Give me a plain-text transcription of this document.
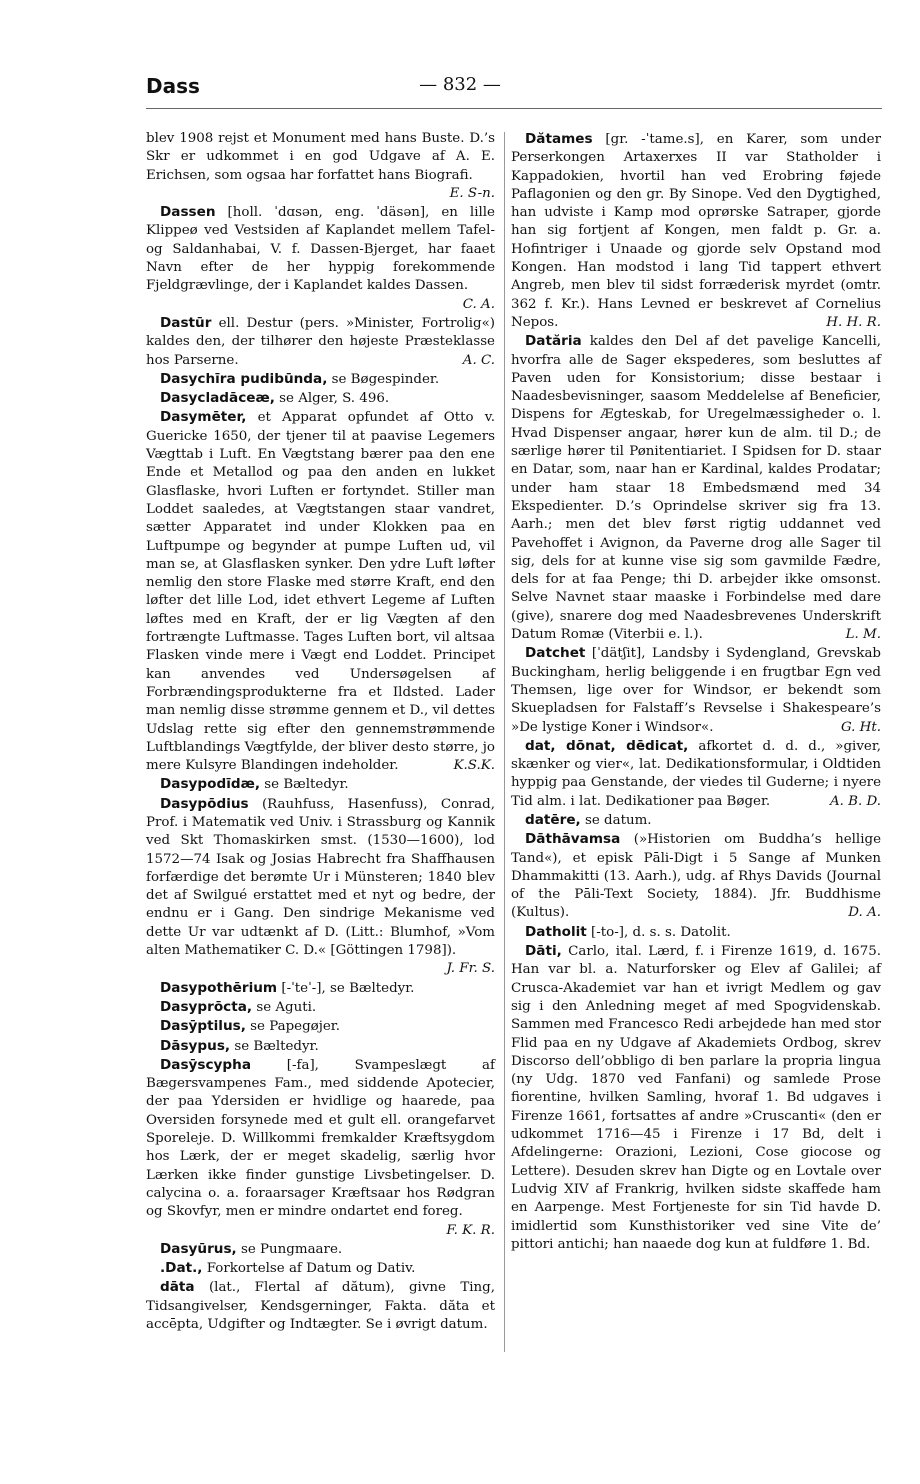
Dass	— 832 —

blev 1908 rejst et Monument med hans Buste. D.’s Skr er udkommet i en god Udgave af A. E. Erichsen, som ogsaa har forfattet hans Biografi.
E. S-n.

Dassen [holl. ˈdɑsən, eng. ˈdäsən], en lille Klippeø ved Vestsiden af Kaplandet mellem Tafel- og Saldanhabai, V. f. Dassen-Bjerget, har faaet Navn efter de her hyppig forekommende Fjeldgrævlinge, der i Kaplandet kaldes Dassen.
C. A.

Dastūr ell. Destur (pers. »Minister, Fortrolig«) kaldes den, der tilhører den højeste Præsteklasse hos Parserne.	A. C.

Dasychīra pudibūnda, se Bøgespinder.

Dasycladāceæ, se Alger, S. 496.

Dasymēter, et Apparat opfundet af Otto v. Guericke 1650, der tjener til at paavise Legemers Vægttab i Luft. En Vægtstang bærer paa den ene Ende et Metallod og paa den anden en lukket Glasflaske, hvori Luften er fortyndet. Stiller man Loddet saaledes, at Vægtstangen staar vandret, sætter Apparatet ind under Klokken paa en Luftpumpe og begynder at pumpe Luften ud, vil man se, at Glasflasken synker. Den ydre Luft løfter nemlig den store Flaske med større Kraft, end den løfter det lille Lod, idet ethvert Legeme af Luften løftes med en Kraft, der er lig Vægten af den fortrængte Luftmasse. Tages Luften bort, vil altsaa Flasken vinde mere i Vægt end Loddet. Principet kan anvendes ved Undersøgelsen af Forbrændingsprodukterne fra et Ildsted. Lader man nemlig disse strømme gennem et D., vil dettes Udslag rette sig efter den gennemstrømmende Luftblandings Vægtfylde, der bliver desto større, jo mere Kulsyre Blandingen indeholder.	K.S.K.

Dasypodīdæ, se Bæltedyr.

Dasypōdius (Rauhfuss, Hasenfuss), Conrad, Prof. i Matematik ved Univ. i Strassburg og Kannik ved Skt Thomaskirken smst. (1530—1600), lod 1572—74 Isak og Josias Habrecht fra Shaffhausen forfærdige det berømte Ur i Münsteren; 1840 blev det af Swilgué erstattet med et nyt og bedre, der endnu er i Gang. Den sindrige Mekanisme ved dette Ur var udtænkt af D. (Litt.: Blumhof, »Vom alten Mathematiker C. D.« [Göttingen 1798]).
J. Fr. S.

Dasypothērium [-ˈteˈ-], se Bæltedyr.

Dasyprōcta, se Aguti.

Dasȳptilus, se Papegøjer.

Dāsypus, se Bæltedyr.

Dasȳscypha [-fa], Svampeslægt af Bægersvampenes Fam., med siddende Apotecier, der paa Ydersiden er hvidlige og haarede, paa Oversiden forsynede med et gult ell. orangefarvet Sporeleje. D. Willkommi fremkalder Kræftsygdom hos Lærk, der er meget skadelig, særlig hvor Lærken ikke finder gunstige Livsbetingelser. D. calycina o. a. foraarsager Kræftsaar hos Rødgran og Skovfyr, men er mindre ondartet end foreg.
F. K. R.

Dasyūrus, se Pungmaare.

.Dat., Forkortelse af Datum og Dativ.

dāta (lat., Flertal af dătum), givne Ting, Tidsangivelser, Kendsgerninger, Fakta. dăta et accēpta, Udgifter og Indtægter. Se i øvrigt datum.

Dătames [gr. -ˈtame.s], en Karer, som under Perserkongen Artaxerxes II var Statholder i Kappadokien, hvortil han ved Erobring føjede Paflagonien og den gr. By Sinope. Ved den Dygtighed, han udviste i Kamp mod oprørske Satraper, gjorde han sig fortjent af Kongen, men faldt p. Gr. a. Hofintriger i Unaade og gjorde selv Opstand mod Kongen. Han modstod i lang Tid tappert ethvert Angreb, men blev til sidst forræderisk myrdet (omtr. 362 f. Kr.). Hans Levned er beskrevet af Cornelius Nepos.	H. H. R.

Datăria kaldes den Del af det pavelige Kancelli, hvorfra alle de Sager ekspederes, som besluttes af Paven uden for Konsistorium; disse bestaar i Naadesbevisninger, saasom Meddelelse af Beneficier, Dispens for Ægteskab, for Uregelmæssigheder o. l. Hvad Dispenser angaar, hører kun de alm. til D.; de særlige hører til Pønitentiariet. I Spidsen for D. staar en Datar, som, naar han er Kardinal, kaldes Prodatar; under ham staar 18 Embedsmænd med 34 Ekspedienter. D.’s Oprindelse skriver sig fra 13. Aarh.; men det blev først rigtig uddannet ved Pavehoffet i Avignon, da Paverne drog alle Sager til sig, dels for at kunne vise sig som gavmilde Fædre, dels for at faa Penge; thi D. arbejder ikke omsonst. Selve Navnet staar maaske i Forbindelse med dare (give), snarere dog med Naadesbrevenes Underskrift Datum Romæ (Viterbii e. l.).	L. M.

Datchet [ˈdätʃit], Landsby i Sydengland, Grevskab Buckingham, herlig beliggende i en frugtbar Egn ved Themsen, lige over for Windsor, er bekendt som Skuepladsen for Falstaff’s Revselse i Shakespeare’s »De lystige Koner i Windsor«.	G. Ht.

dat, dōnat, dēdicat, afkortet d. d. d., »giver, skænker og vier«, lat. Dedikationsformular, i Oldtiden hyppig paa Genstande, der viedes til Guderne; i nyere Tid alm. i lat. Dedikationer paa Bøger.	A. B. D.

datēre, se datum.

Dāthāvamsa (»Historien om Buddha’s hellige Tand«), et episk Pāli-Digt i 5 Sange af Munken Dhammakitti (13. Aarh.), udg. af Rhys Davids (Journal of the Pāli-Text Society, 1884). Jfr. Buddhisme (Kultus).	D. A.

Datholit [-to-], d. s. s. Datolit.

Dāti, Carlo, ital. Lærd, f. i Firenze 1619, d. 1675. Han var bl. a. Naturforsker og Elev af Galilei; af Crusca-Akademiet var han et ivrigt Medlem og gav sig i den Anledning meget af med Spogvidenskab. Sammen med Francesco Redi arbejdede han med stor Flid paa en ny Udgave af Akademiets Ordbog, skrev Discorso dell’obbligo di ben parlare la propria lingua (ny Udg. 1870 ved Fanfani) og samlede Prose fiorentine, hvilken Samling, hvoraf 1. Bd udgaves i Firenze 1661, fortsattes af andre »Cruscanti« (den er udkommet 1716—45 i Firenze i 17 Bd, delt i Afdelingerne: Orazioni, Lezioni, Cose giocose og Lettere). Desuden skrev han Digte og en Lovtale over Ludvig XIV af Frankrig, hvilken sidste skaffede ham en Aarpenge. Mest Fortjeneste for sin Tid havde D. imidlertid som Kunsthistoriker ved sine Vite de’ pittori antichi; han naaede dog kun at fuldføre 1. Bd.
